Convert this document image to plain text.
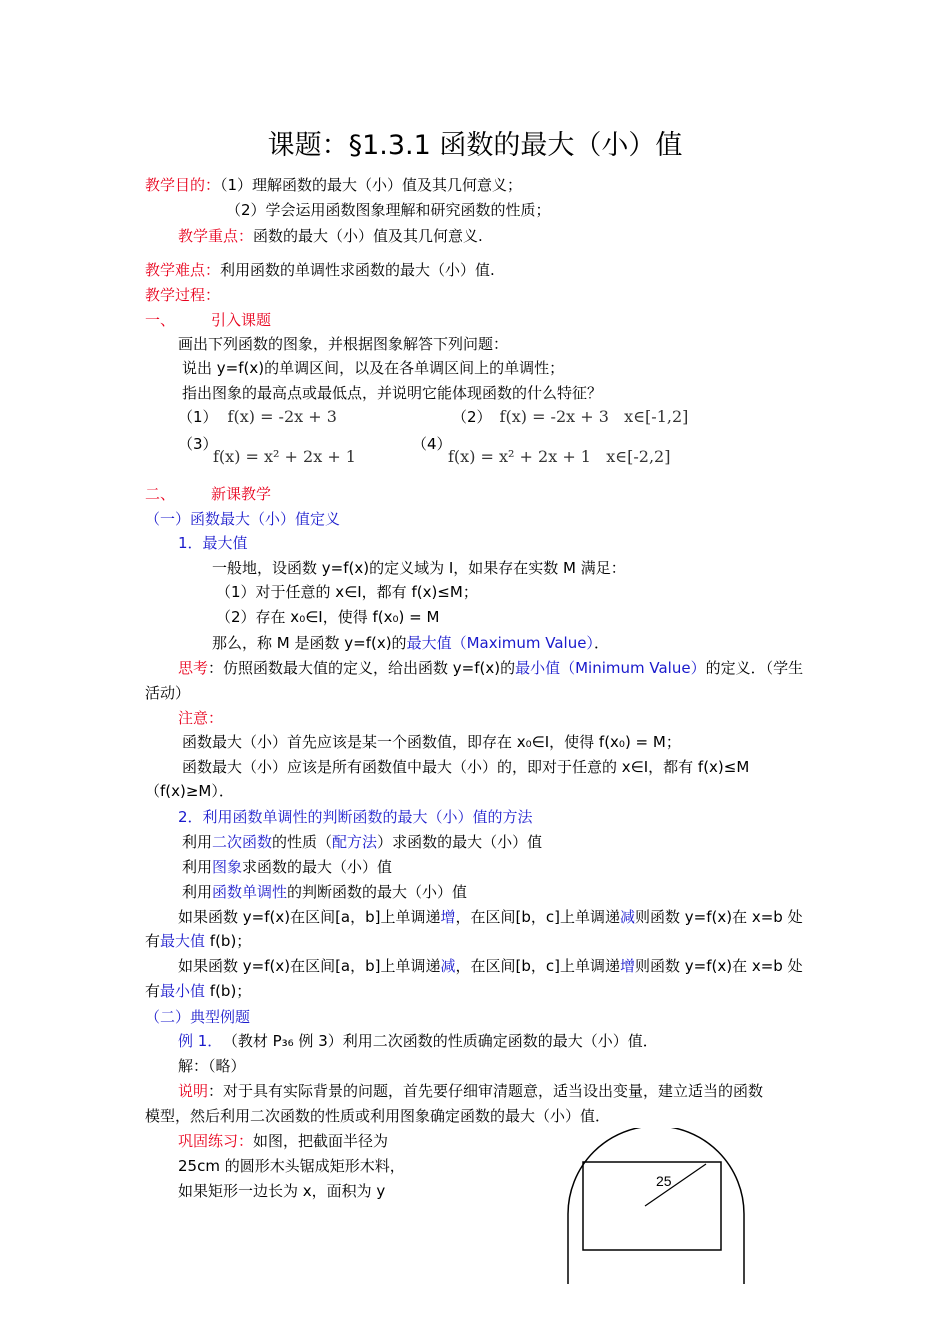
课题：§1.3.1 函数的最大（小）值
教学目的：（1）理解函数的最大（小）值及其几何意义；
（2）学会运用函数图象理解和研究函数的性质；
教学重点：函数的最大（小）值及其几何意义.
教学难点：利用函数的单调性求函数的最大（小）值.
教学过程：
一、 引入课题
画出下列函数的图象，并根据图象解答下列问题：
说出 y=f(x)的单调区间，以及在各单调区间上的单调性；
指出图象的最高点或最低点，并说明它能体现函数的什么特征？
（1） f(x) = -2x + 3	（2） f(x) = -2x + 3   x∈[-1,2]
（3）
f(x) = x² + 2x + 1
（4）
f(x) = x² + 2x + 1   x∈[-2,2]
二、 新课教学
（一）函数最大（小）值定义
1．最大值
一般地，设函数 y=f(x)的定义域为 I，如果存在实数 M 满足：
（1）对于任意的 x∈I，都有 f(x)≤M；
（2）存在 x₀∈I，使得 f(x₀) = M
那么，称 M 是函数 y=f(x)的最大值（Maximum Value）．
思考：仿照函数最大值的定义，给出函数 y=f(x)的最小值（Minimum Value）的定义．（学生
活动）
注意：
函数最大（小）首先应该是某一个函数值，即存在 x₀∈I，使得 f(x₀) = M；
函数最大（小）应该是所有函数值中最大（小）的，即对于任意的 x∈I，都有 f(x)≤M
（f(x)≥M）．
2．利用函数单调性的判断函数的最大（小）值的方法
利用二次函数的性质（配方法）求函数的最大（小）值
利用图象求函数的最大（小）值
利用函数单调性的判断函数的最大（小）值
如果函数 y=f(x)在区间[a，b]上单调递增，在区间[b，c]上单调递减则函数 y=f(x)在 x=b 处
有最大值 f(b)；
如果函数 y=f(x)在区间[a，b]上单调递减，在区间[b，c]上单调递增则函数 y=f(x)在 x=b 处
有最小值 f(b)；
（二）典型例题
例 1． （教材 P₃₆ 例 3）利用二次函数的性质确定函数的最大（小）值．
解：（略）
说明：对于具有实际背景的问题，首先要仔细审清题意，适当设出变量，建立适当的函数
模型，然后利用二次函数的性质或利用图象确定函数的最大（小）值．
巩固练习：如图，把截面半径为
25cm 的圆形木头锯成矩形木料，
如果矩形一边长为 x，面积为 y
25
